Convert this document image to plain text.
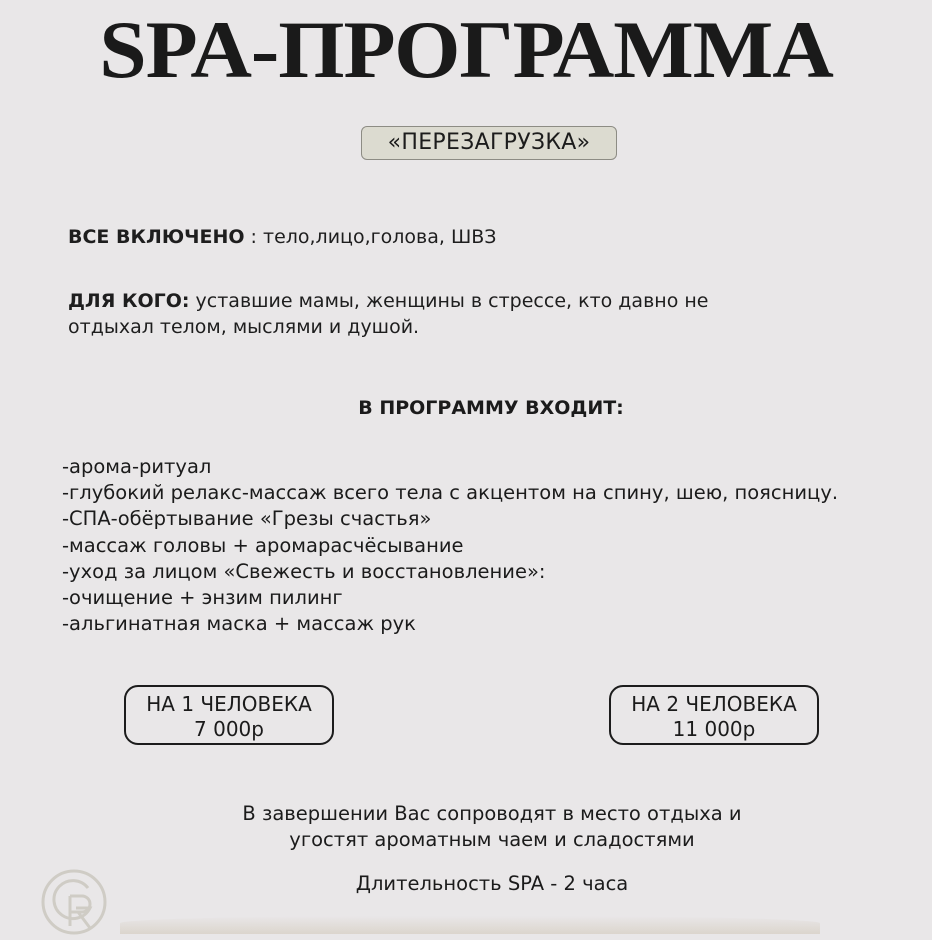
SPA-ПРОГРАММА
«ПЕРЕЗАГРУЗКА»
ВСЕ ВКЛЮЧЕНО : тело,лицо,голова, ШВЗ
ДЛЯ КОГО: уставшие мамы, женщины в стрессе, кто давно не
отдыхал телом, мыслями и душой.
В ПРОГРАММУ ВХОДИТ:
-арома-ритуал
-глубокий релакс-массаж всего тела с акцентом на спину, шею, поясницу.
-СПА-обёртывание «Грезы счастья»
-массаж головы + аромарасчёсывание
-уход за лицом «Свежесть и восстановление»:
-очищение + энзим пилинг
-альгинатная маска + массаж рук
НА 1 ЧЕЛОВЕКА
7 000р
НА 2 ЧЕЛОВЕКА
11 000р
В завершении Вас сопроводят в место отдыха и
угостят ароматным чаем и сладостями
Длительность SPA - 2 часа
